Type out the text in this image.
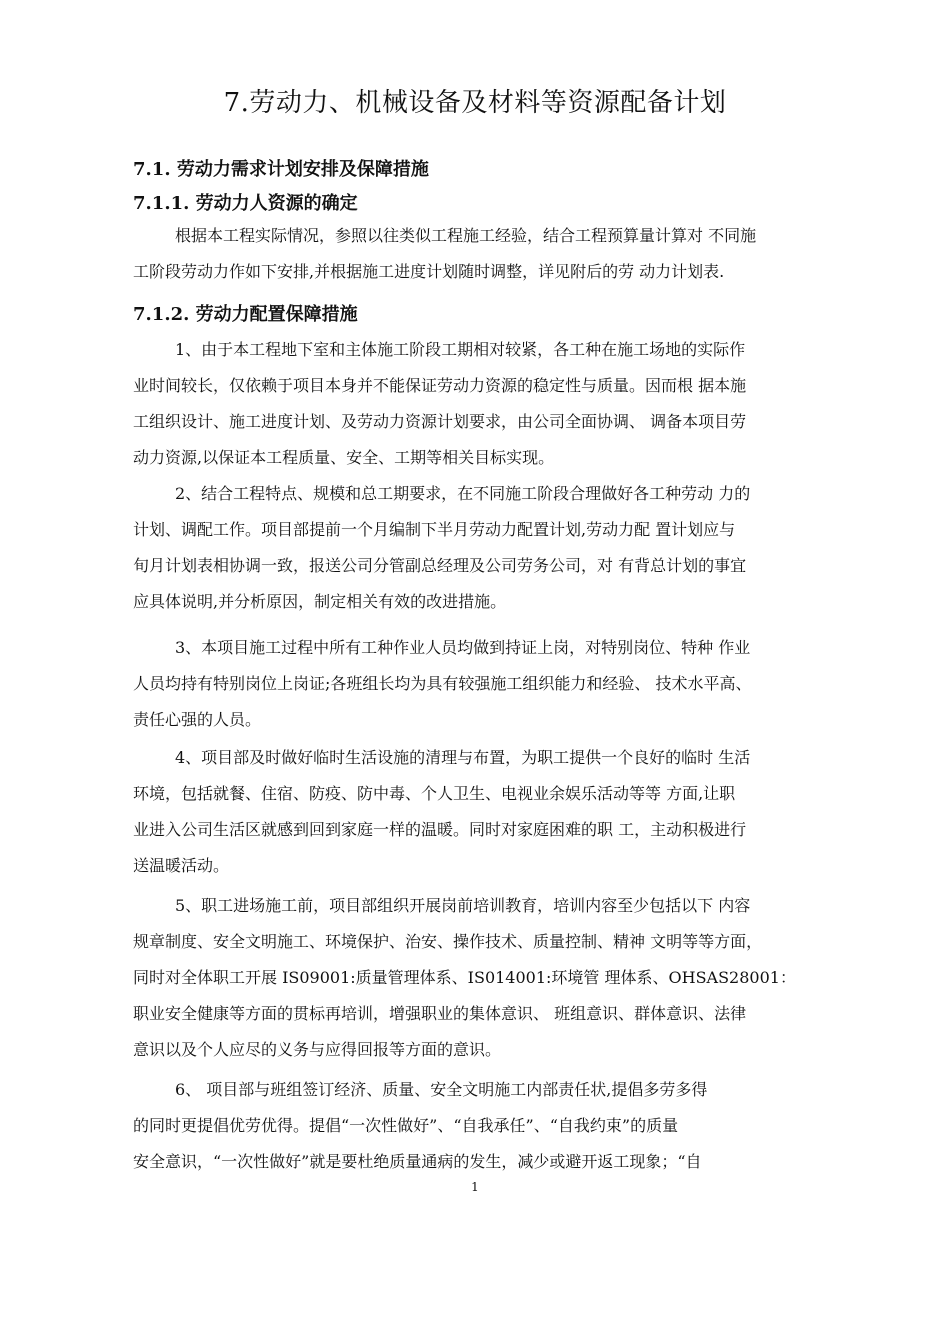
7.劳动力、机械设备及材料等资源配备计划
7.1. 劳动力需求计划安排及保障措施
7.1.1. 劳动力人资源的确定
根据本工程实际情况，参照以往类似工程施工经验，结合工程预算量计算对 不同施
工阶段劳动力作如下安排,并根据施工进度计划随时调整，详见附后的劳 动力计划表.
7.1.2. 劳动力配置保障措施
1、由于本工程地下室和主体施工阶段工期相对较紧，各工种在施工场地的实际作
业时间较长，仅依赖于项目本身并不能保证劳动力资源的稳定性与质量。因而根 据本施
工组织设计、施工进度计划、及劳动力资源计划要求，由公司全面协调、 调备本项目劳
动力资源,以保证本工程质量、安全、工期等相关目标实现。
2、结合工程特点、规模和总工期要求，在不同施工阶段合理做好各工种劳动 力的
计划、调配工作。项目部提前一个月编制下半月劳动力配置计划,劳动力配 置计划应与
旬月计划表相协调一致，报送公司分管副总经理及公司劳务公司，对 有背总计划的事宜
应具体说明,并分析原因，制定相关有效的改进措施。
3、本项目施工过程中所有工种作业人员均做到持证上岗，对特别岗位、特种 作业
人员均持有特别岗位上岗证;各班组长均为具有较强施工组织能力和经验、 技术水平高、
责任心强的人员。
4、项目部及时做好临时生活设施的清理与布置，为职工提供一个良好的临时 生活
环境，包括就餐、住宿、防疫、防中毒、个人卫生、电视业余娱乐活动等等 方面,让职
业进入公司生活区就感到回到家庭一样的温暖。同时对家庭困难的职 工，主动积极进行
送温暖活动。
5、职工进场施工前，项目部组织开展岗前培训教育，培训内容至少包括以下 内容
规章制度、安全文明施工、环境保护、治安、操作技术、质量控制、精神 文明等等方面，
同时对全体职工开展 IS09001:质量管理体系、IS014001:环境管 理体系、OHSAS28001：
职业安全健康等方面的贯标再培训，增强职业的集体意识、 班组意识、群体意识、法律
意识以及个人应尽的义务与应得回报等方面的意识。
6、 项目部与班组签订经济、质量、安全文明施工内部责任状,提倡多劳多得
的同时更提倡优劳优得。提倡“一次性做好”、“自我承任”、“自我约束”的质量
安全意识，“一次性做好”就是要杜绝质量通病的发生，减少或避开返工现象；“自
1
